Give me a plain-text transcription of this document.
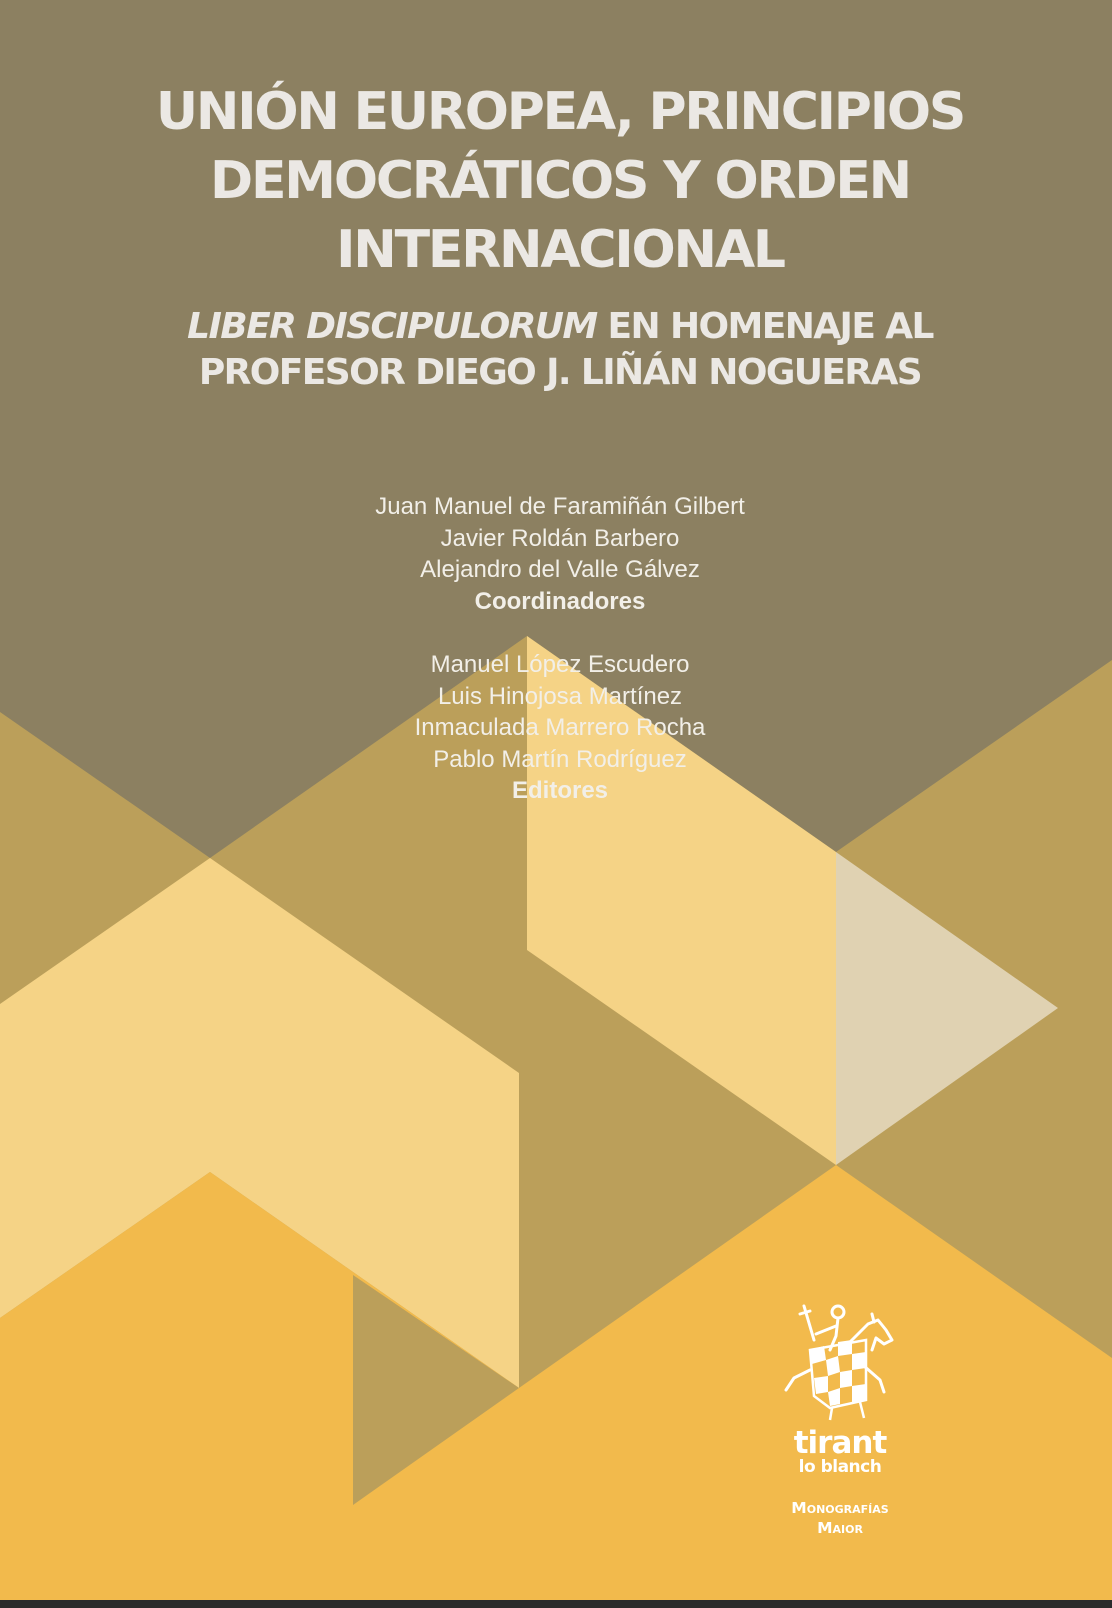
UNIÓN EUROPEA, PRINCIPIOS
DEMOCRÁTICOS Y ORDEN
INTERNACIONAL
LIBER DISCIPULORUM EN HOMENAJE AL
PROFESOR DIEGO J. LIÑÁN NOGUERAS
Juan Manuel de Faramiñán Gilbert
Javier Roldán Barbero
Alejandro del Valle Gálvez
Coordinadores
Manuel López Escudero
Luis Hinojosa Martínez
Inmaculada Marrero Rocha
Pablo Martín Rodríguez
Editores
tirant
lo blanch
Monografías
Maior
